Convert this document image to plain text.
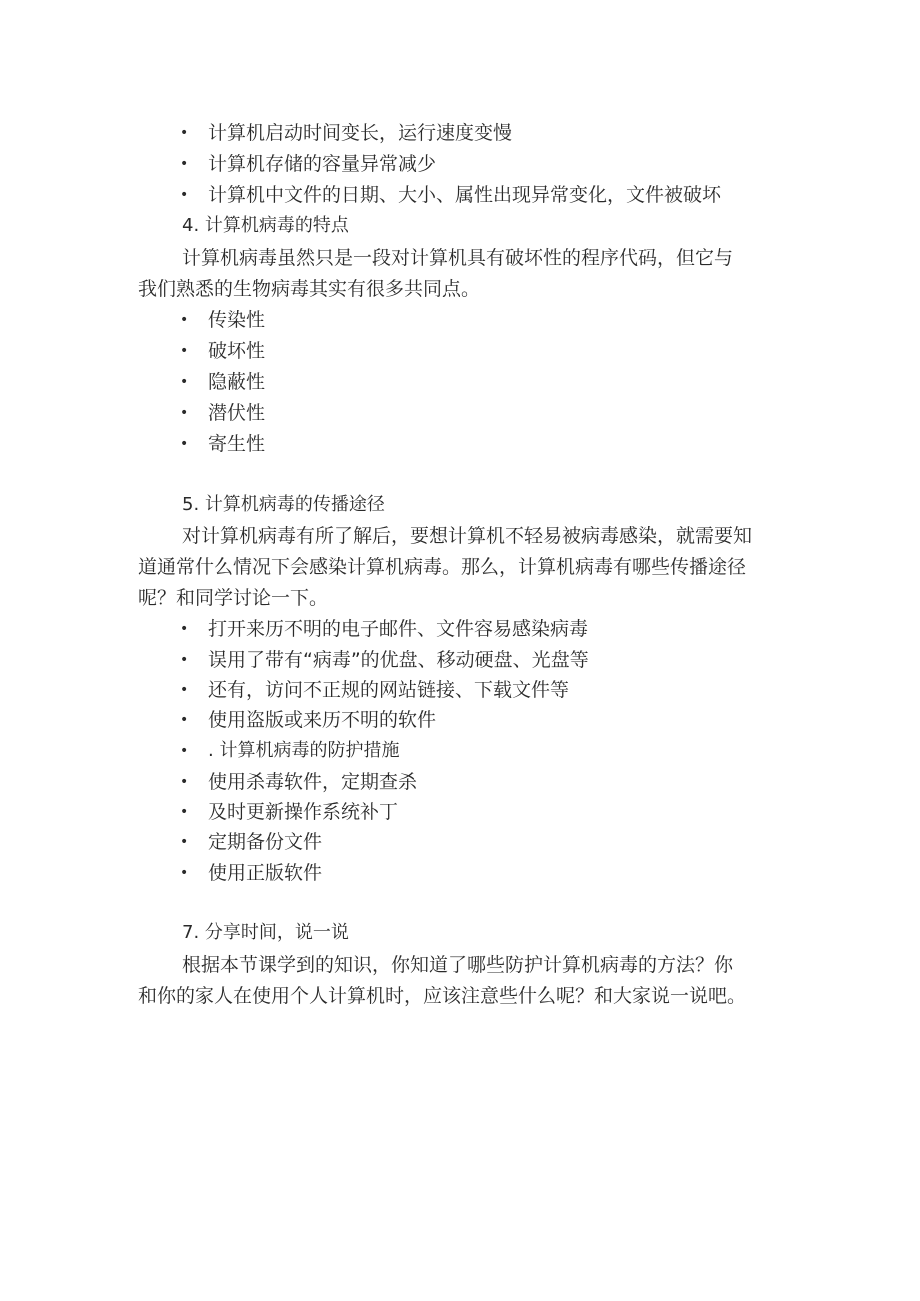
• 计算机启动时间变长，运行速度变慢
• 计算机存储的容量异常减少
• 计算机中文件的日期、大小、属性出现异常变化，文件被破坏
4. 计算机病毒的特点
计算机病毒虽然只是一段对计算机具有破坏性的程序代码，但它与
我们熟悉的生物病毒其实有很多共同点。
• 传染性
• 破坏性
• 隐蔽性
• 潜伏性
• 寄生性
5. 计算机病毒的传播途径
对计算机病毒有所了解后，要想计算机不轻易被病毒感染，就需要知
道通常什么情况下会感染计算机病毒。那么，计算机病毒有哪些传播途径
呢？和同学讨论一下。
• 打开来历不明的电子邮件、文件容易感染病毒
• 误用了带有“病毒”的优盘、移动硬盘、光盘等
• 还有，访问不正规的网站链接、下载文件等
• 使用盗版或来历不明的软件
• . 计算机病毒的防护措施
• 使用杀毒软件，定期查杀
• 及时更新操作系统补丁
• 定期备份文件
• 使用正版软件
7. 分享时间，说一说
根据本节课学到的知识，你知道了哪些防护计算机病毒的方法？你
和你的家人在使用个人计算机时，应该注意些什么呢？和大家说一说吧。
